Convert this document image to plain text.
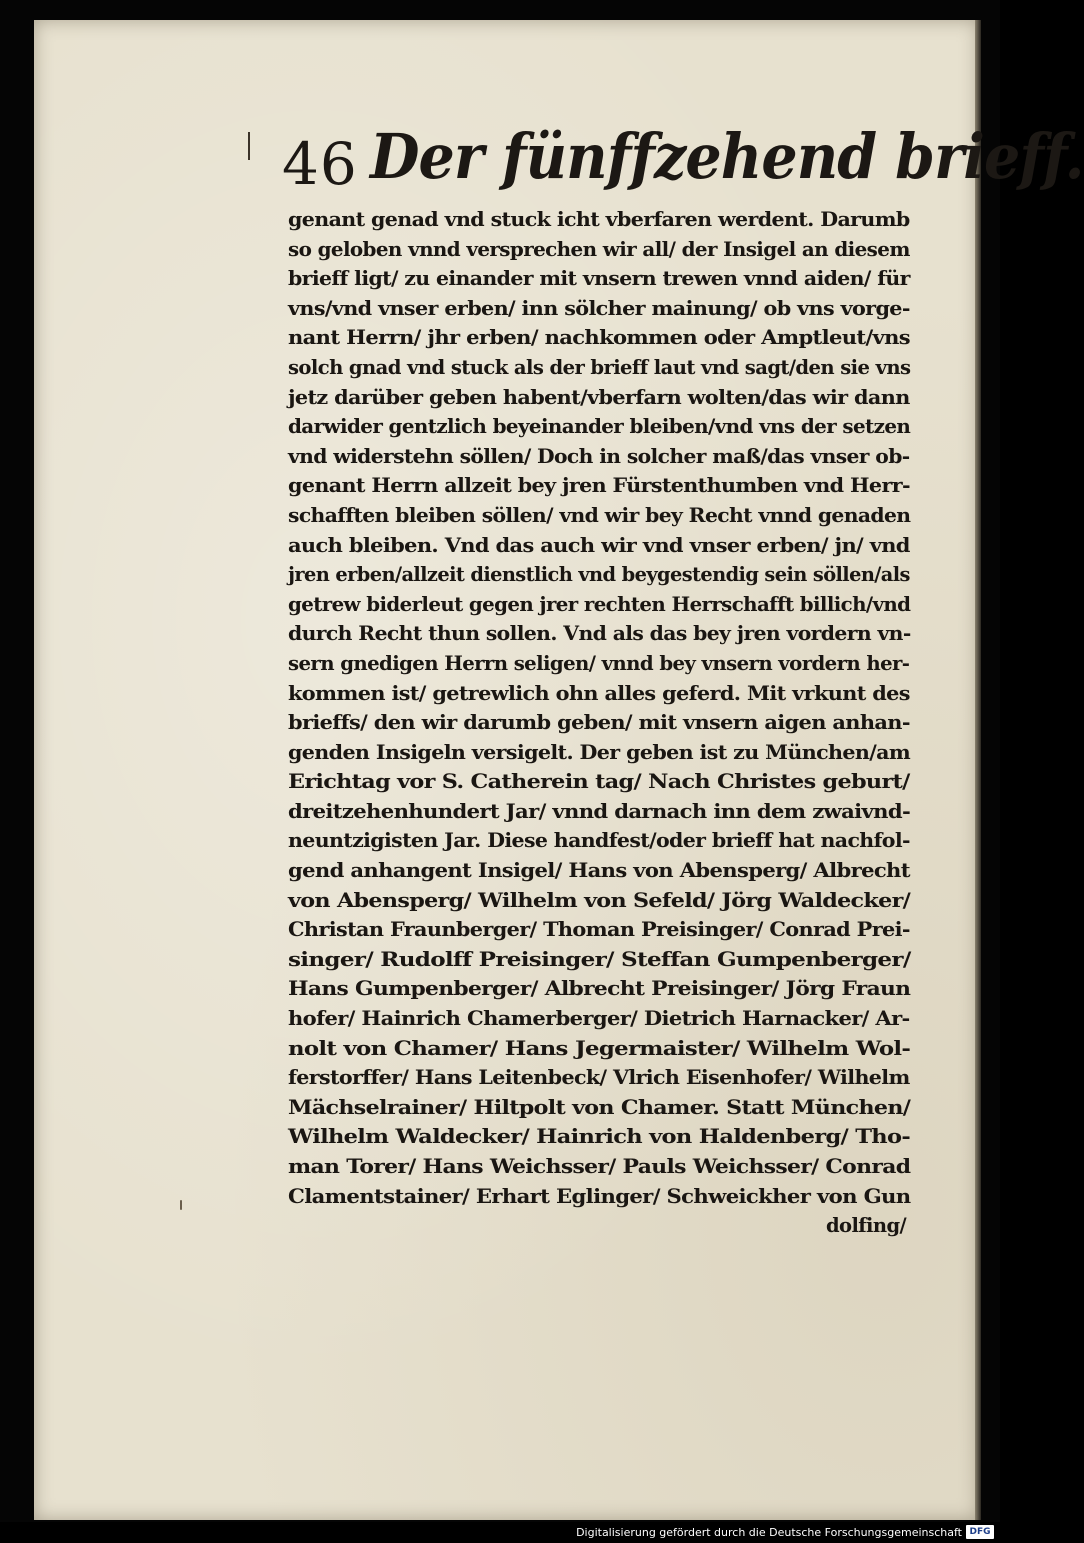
46 Der fünffzehend brieff.
genant genad vnd stuck icht vberfaren werdent. Darumb
so geloben vnnd versprechen wir all/ der Insigel an diesem
brieff ligt/ zu einander mit vnsern trewen vnnd aiden/ für
vns/vnd vnser erben/ inn sölcher mainung/ ob vns vorge-
nant Herrn/ jhr erben/ nachkommen oder Amptleut/vns
solch gnad vnd stuck als der brieff laut vnd sagt/den sie vns
jetz darüber geben habent/vberfarn wolten/das wir dann
darwider gentzlich beyeinander bleiben/vnd vns der setzen
vnd widerstehn söllen/ Doch in solcher maß/das vnser ob-
genant Herrn allzeit bey jren Fürstenthumben vnd Herr-
schafften bleiben söllen/ vnd wir bey Recht vnnd genaden
auch bleiben. Vnd das auch wir vnd vnser erben/ jn/ vnd
jren erben/allzeit dienstlich vnd beygestendig sein söllen/als
getrew biderleut gegen jrer rechten Herrschafft billich/vnd
durch Recht thun sollen. Vnd als das bey jren vordern vn-
sern gnedigen Herrn seligen/ vnnd bey vnsern vordern her-
kommen ist/ getrewlich ohn alles geferd. Mit vrkunt des
brieffs/ den wir darumb geben/ mit vnsern aigen anhan-
genden Insigeln versigelt. Der geben ist zu München/am
Erichtag vor S. Catherein tag/ Nach Christes geburt/
dreitzehenhundert Jar/ vnnd darnach inn dem zwaivnd-
neuntzigisten Jar. Diese handfest/oder brieff hat nachfol-
gend anhangent Insigel/ Hans von Abensperg/ Albrecht
von Abensperg/ Wilhelm von Sefeld/ Jörg Waldecker/
Christan Fraunberger/ Thoman Preisinger/ Conrad Prei-
singer/ Rudolff Preisinger/ Steffan Gumpenberger/
Hans Gumpenberger/ Albrecht Preisinger/ Jörg Fraun
hofer/ Hainrich Chamerberger/ Dietrich Harnacker/ Ar-
nolt von Chamer/ Hans Jegermaister/ Wilhelm Wol-
ferstorffer/ Hans Leitenbeck/ Vlrich Eisenhofer/ Wilhelm
Mächselrainer/ Hiltpolt von Chamer. Statt München/
Wilhelm Waldecker/ Hainrich von Haldenberg/ Tho-
man Torer/ Hans Weichsser/ Pauls Weichsser/ Conrad
Clamentstainer/ Erhart Eglinger/ Schweickher von Gun
dolfing/
Digitalisierung gefördert durch die Deutsche Forschungsgemeinschaft DFG
